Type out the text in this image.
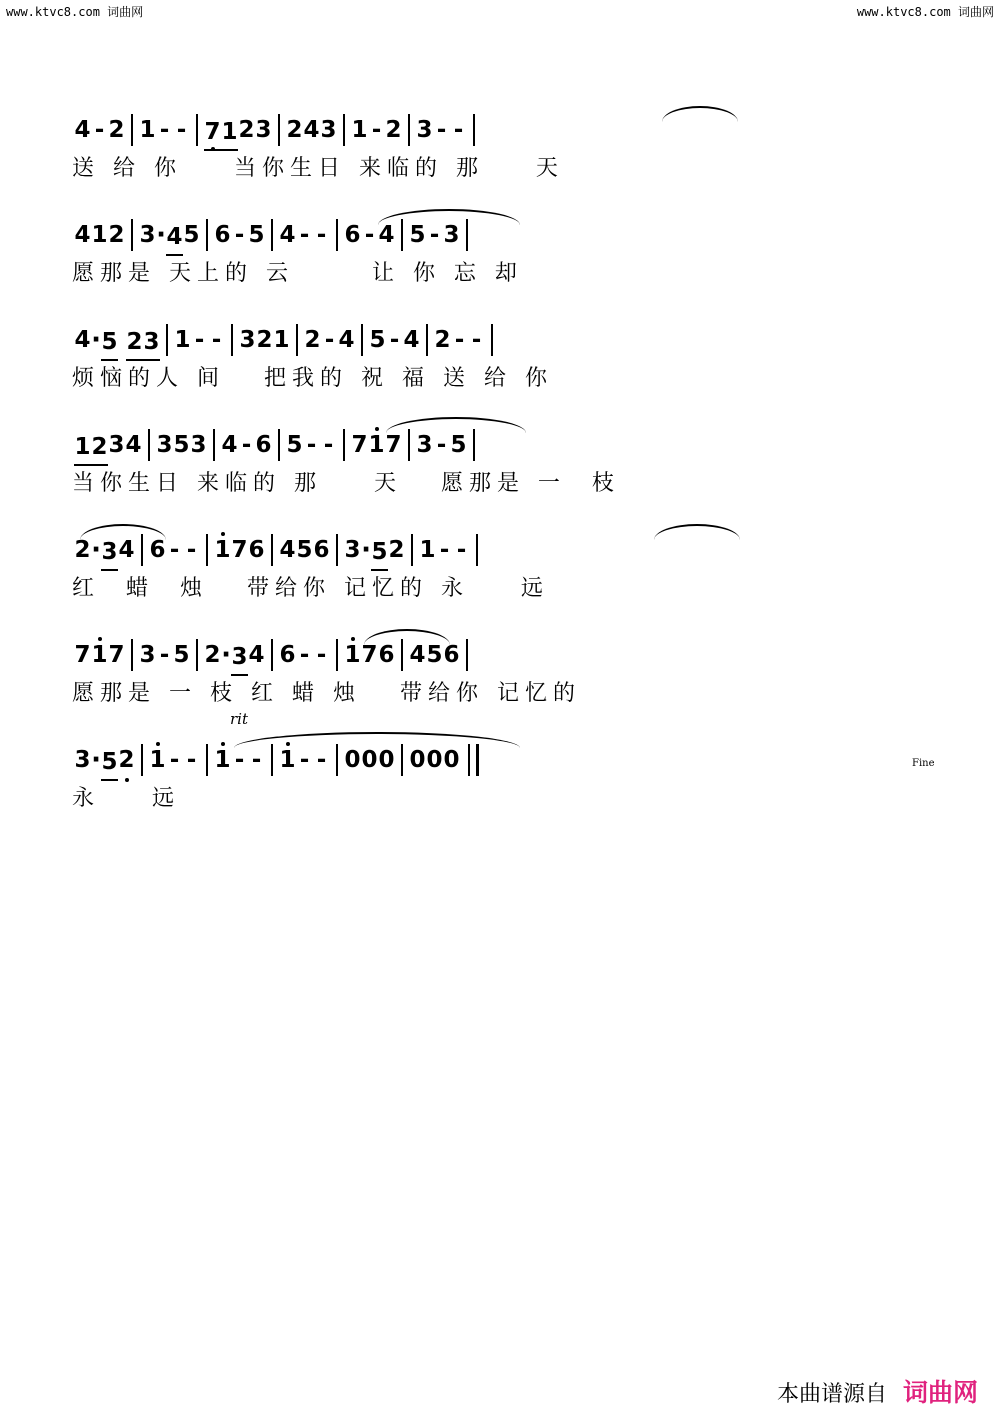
www.ktvc8.com 词曲网	www.ktvc8.com 词曲网
4 - 2 1 - - 7 1 2 3 2 4 3 1 - 2 3 - -
送 给 你    当你生日 来临的 那    天
4 1 2 3 · 4 5 6 - 5 4 - - 6 - 4 5 - 3
愿那是 天上的 云      让 你 忘 却
4 · 5 2 3 1 - - 3 2 1 2 - 4 5 - 4 2 - -
烦恼的人 间   把我的 祝 福 送 给 你
1 2 3 4 3 5 3 4 - 6 5 - - 7 1 7 3 - 5
当你生日 来临的 那    天   愿那是 一  枝
2 · 3 4 6 - - 1 7 6 4 5 6 3 · 5 2 1 - -
红  蜡  烛   带给你 记忆的 永    远
7 1 7 3 - 5 2 · 3 4 6 - - 1 7 6 4 5 6
愿那是 一 枝 红 蜡 烛   带给你 记忆的
3 · 5 2 1 - - 1 - - 1 - - 0 0 0 0 0 0
rit
Fine
永    远
本曲谱源自 词曲网
